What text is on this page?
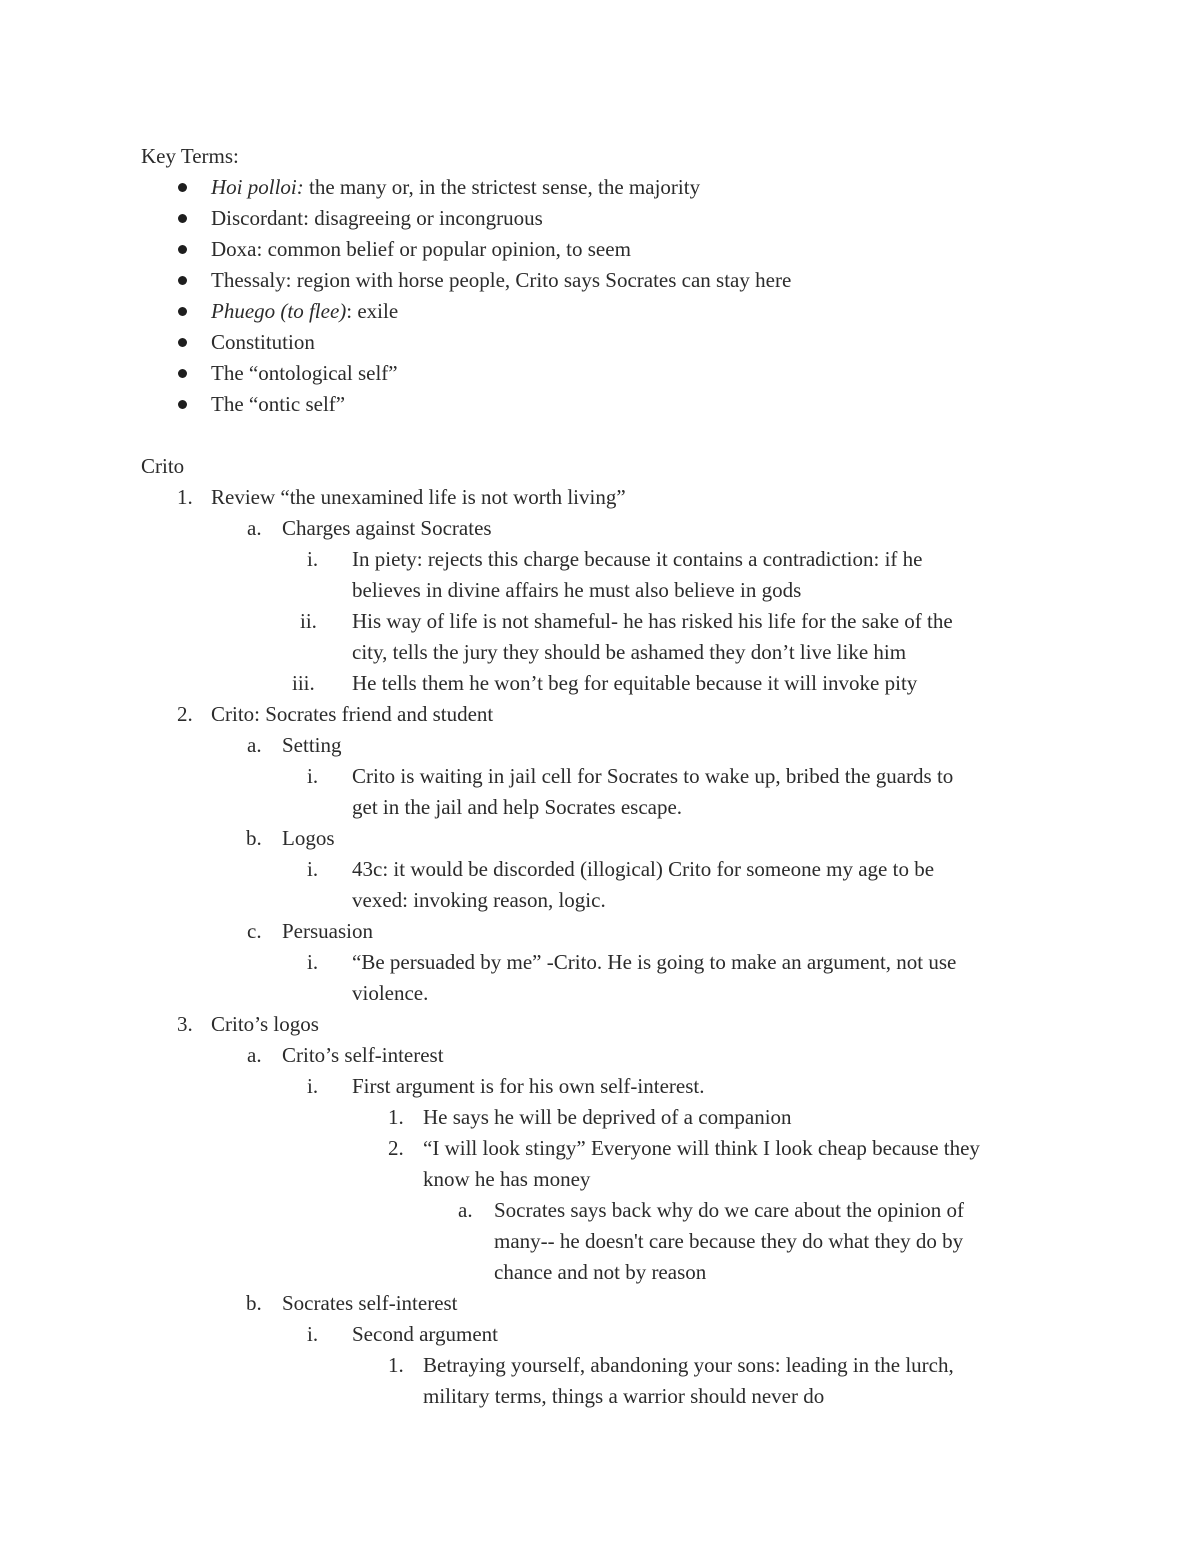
Key Terms:
Hoi polloi: the many or, in the strictest sense, the majority
Discordant: disagreeing or incongruous
Doxa: common belief or popular opinion, to seem
Thessaly: region with horse people, Crito says Socrates can stay here
Phuego (to flee): exile
Constitution
The “ontological self”
The “ontic self”
Crito
1. Review “the unexamined life is not worth living”
a. Charges against Socrates
i. In piety: rejects this charge because it contains a contradiction: if he
believes in divine affairs he must also believe in gods
ii. His way of life is not shameful- he has risked his life for the sake of the
city, tells the jury they should be ashamed they don’t live like him
iii. He tells them he won’t beg for equitable because it will invoke pity
2. Crito: Socrates friend and student
a. Setting
i. Crito is waiting in jail cell for Socrates to wake up, bribed the guards to
get in the jail and help Socrates escape.
b. Logos
i. 43c: it would be discorded (illogical) Crito for someone my age to be
vexed: invoking reason, logic.
c. Persuasion
i. “Be persuaded by me” -Crito. He is going to make an argument, not use
violence.
3. Crito’s logos
a. Crito’s self-interest
i. First argument is for his own self-interest.
1. He says he will be deprived of a companion
2. “I will look stingy” Everyone will think I look cheap because they
know he has money
a. Socrates says back why do we care about the opinion of
many-- he doesn't care because they do what they do by
chance and not by reason
b. Socrates self-interest
i. Second argument
1. Betraying yourself, abandoning your sons: leading in the lurch,
military terms, things a warrior should never do
